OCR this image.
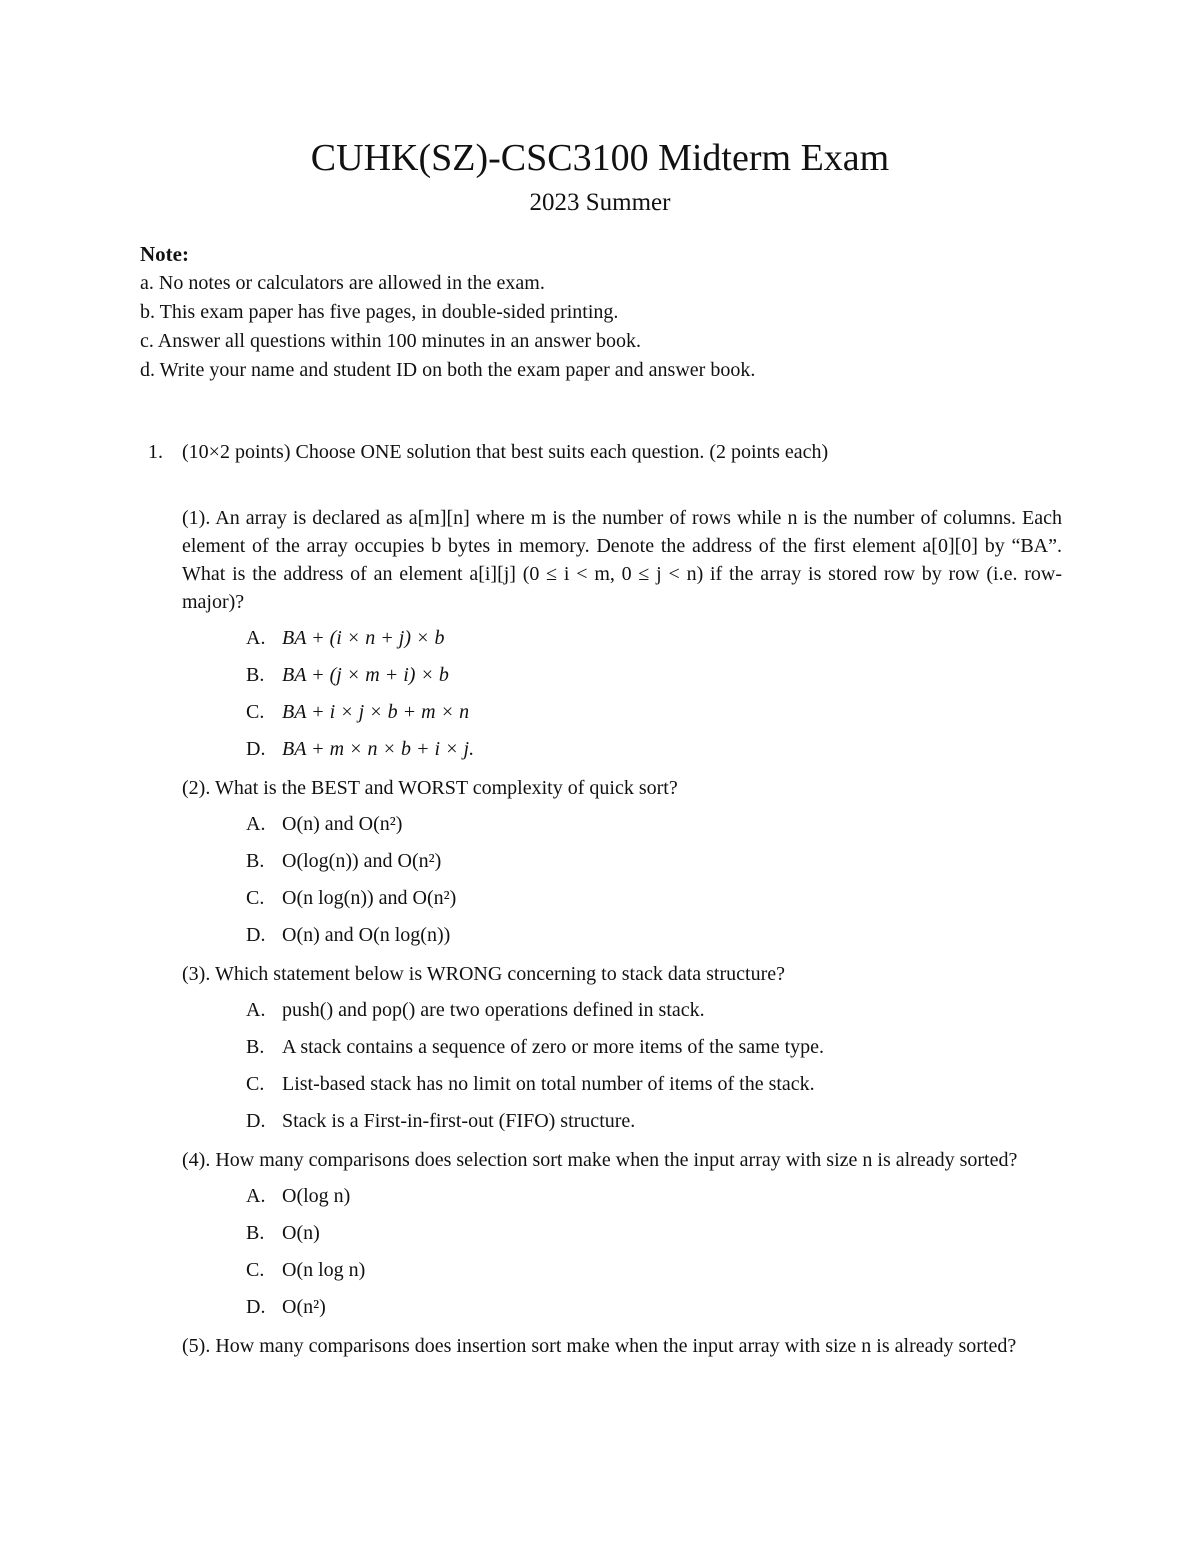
CUHK(SZ)-CSC3100 Midterm Exam
2023 Summer
Note:
a. No notes or calculators are allowed in the exam.
b. This exam paper has five pages, in double-sided printing.
c. Answer all questions within 100 minutes in an answer book.
d. Write your name and student ID on both the exam paper and answer book.
1. (10×2 points) Choose ONE solution that best suits each question. (2 points each)
(1). An array is declared as a[m][n] where m is the number of rows while n is the number of columns. Each element of the array occupies b bytes in memory. Denote the address of the first element a[0][0] by “BA”. What is the address of an element a[i][j] (0 ≤ i < m, 0 ≤ j < n) if the array is stored row by row (i.e. row-major)?
A. BA + (i × n + j) × b
B. BA + (j × m + i) × b
C. BA + i × j × b + m × n
D. BA + m × n × b + i × j.
(2). What is the BEST and WORST complexity of quick sort?
A. O(n) and O(n²)
B. O(log(n)) and O(n²)
C. O(n log(n)) and O(n²)
D. O(n) and O(n log(n))
(3). Which statement below is WRONG concerning to stack data structure?
A. push() and pop() are two operations defined in stack.
B. A stack contains a sequence of zero or more items of the same type.
C. List-based stack has no limit on total number of items of the stack.
D. Stack is a First-in-first-out (FIFO) structure.
(4). How many comparisons does selection sort make when the input array with size n is already sorted?
A. O(log n)
B. O(n)
C. O(n log n)
D. O(n²)
(5). How many comparisons does insertion sort make when the input array with size n is already sorted?
